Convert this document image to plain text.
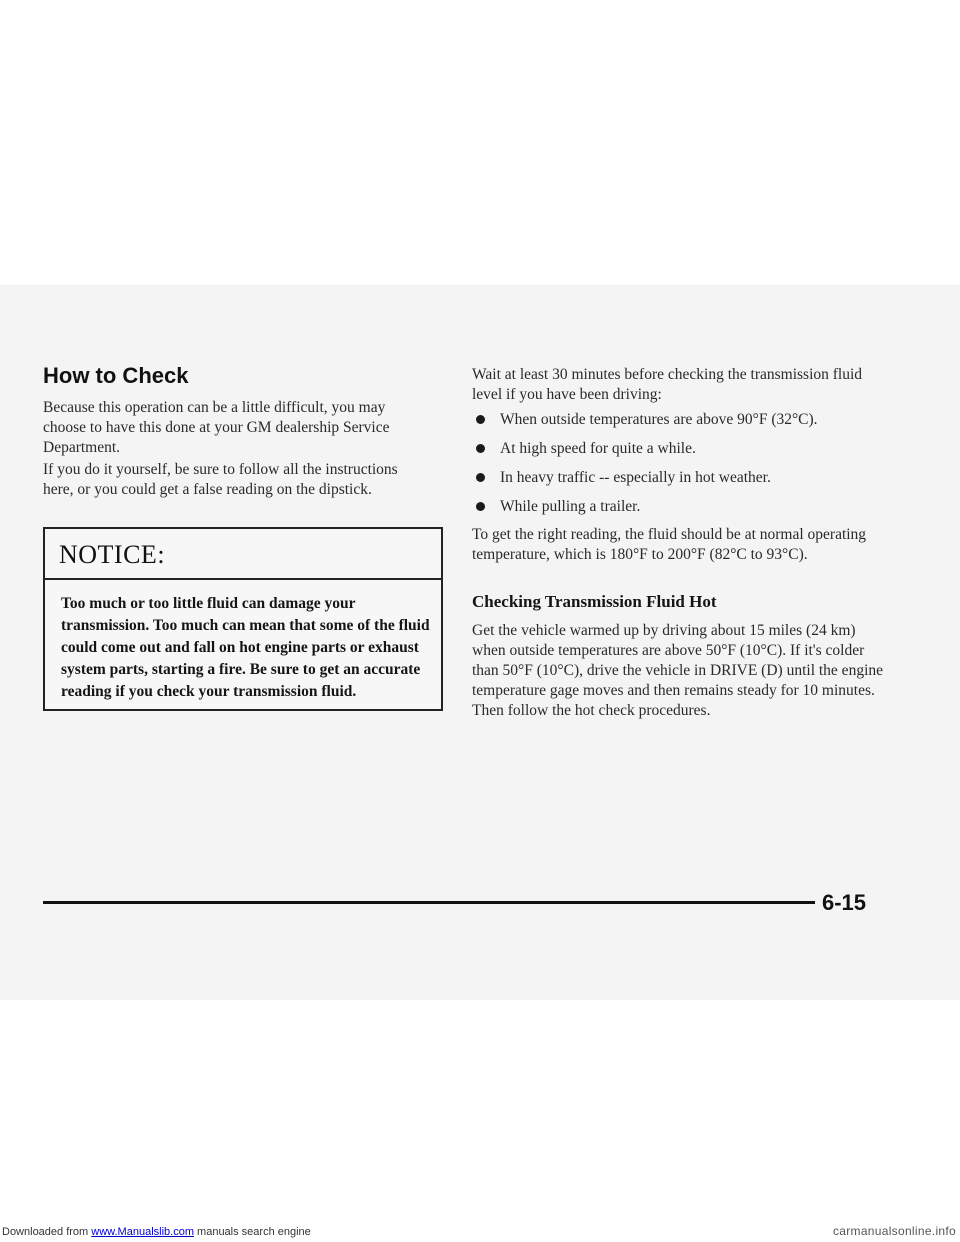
How to Check

Because this operation can be a little difficult, you may choose to have this done at your GM dealership Service Department.

If you do it yourself, be sure to follow all the instructions here, or you could get a false reading on the dipstick.

NOTICE:
Too much or too little fluid can damage your transmission. Too much can mean that some of the fluid could come out and fall on hot engine parts or exhaust system parts, starting a fire. Be sure to get an accurate reading if you check your transmission fluid.

Wait at least 30 minutes before checking the transmission fluid level if you have been driving:

When outside temperatures are above 90°F (32°C).
At high speed for quite a while.
In heavy traffic -- especially in hot weather.
While pulling a trailer.

To get the right reading, the fluid should be at normal operating temperature, which is 180°F to 200°F (82°C to 93°C).

Checking Transmission Fluid Hot

Get the vehicle warmed up by driving about 15 miles (24 km) when outside temperatures are above 50°F (10°C). If it's colder than 50°F (10°C), drive the vehicle in DRIVE (D) until the engine temperature gage moves and then remains steady for 10 minutes. Then follow the hot check procedures.

6-15
Downloaded from www.Manualslib.com manuals search engine	carmanualsonline.info
